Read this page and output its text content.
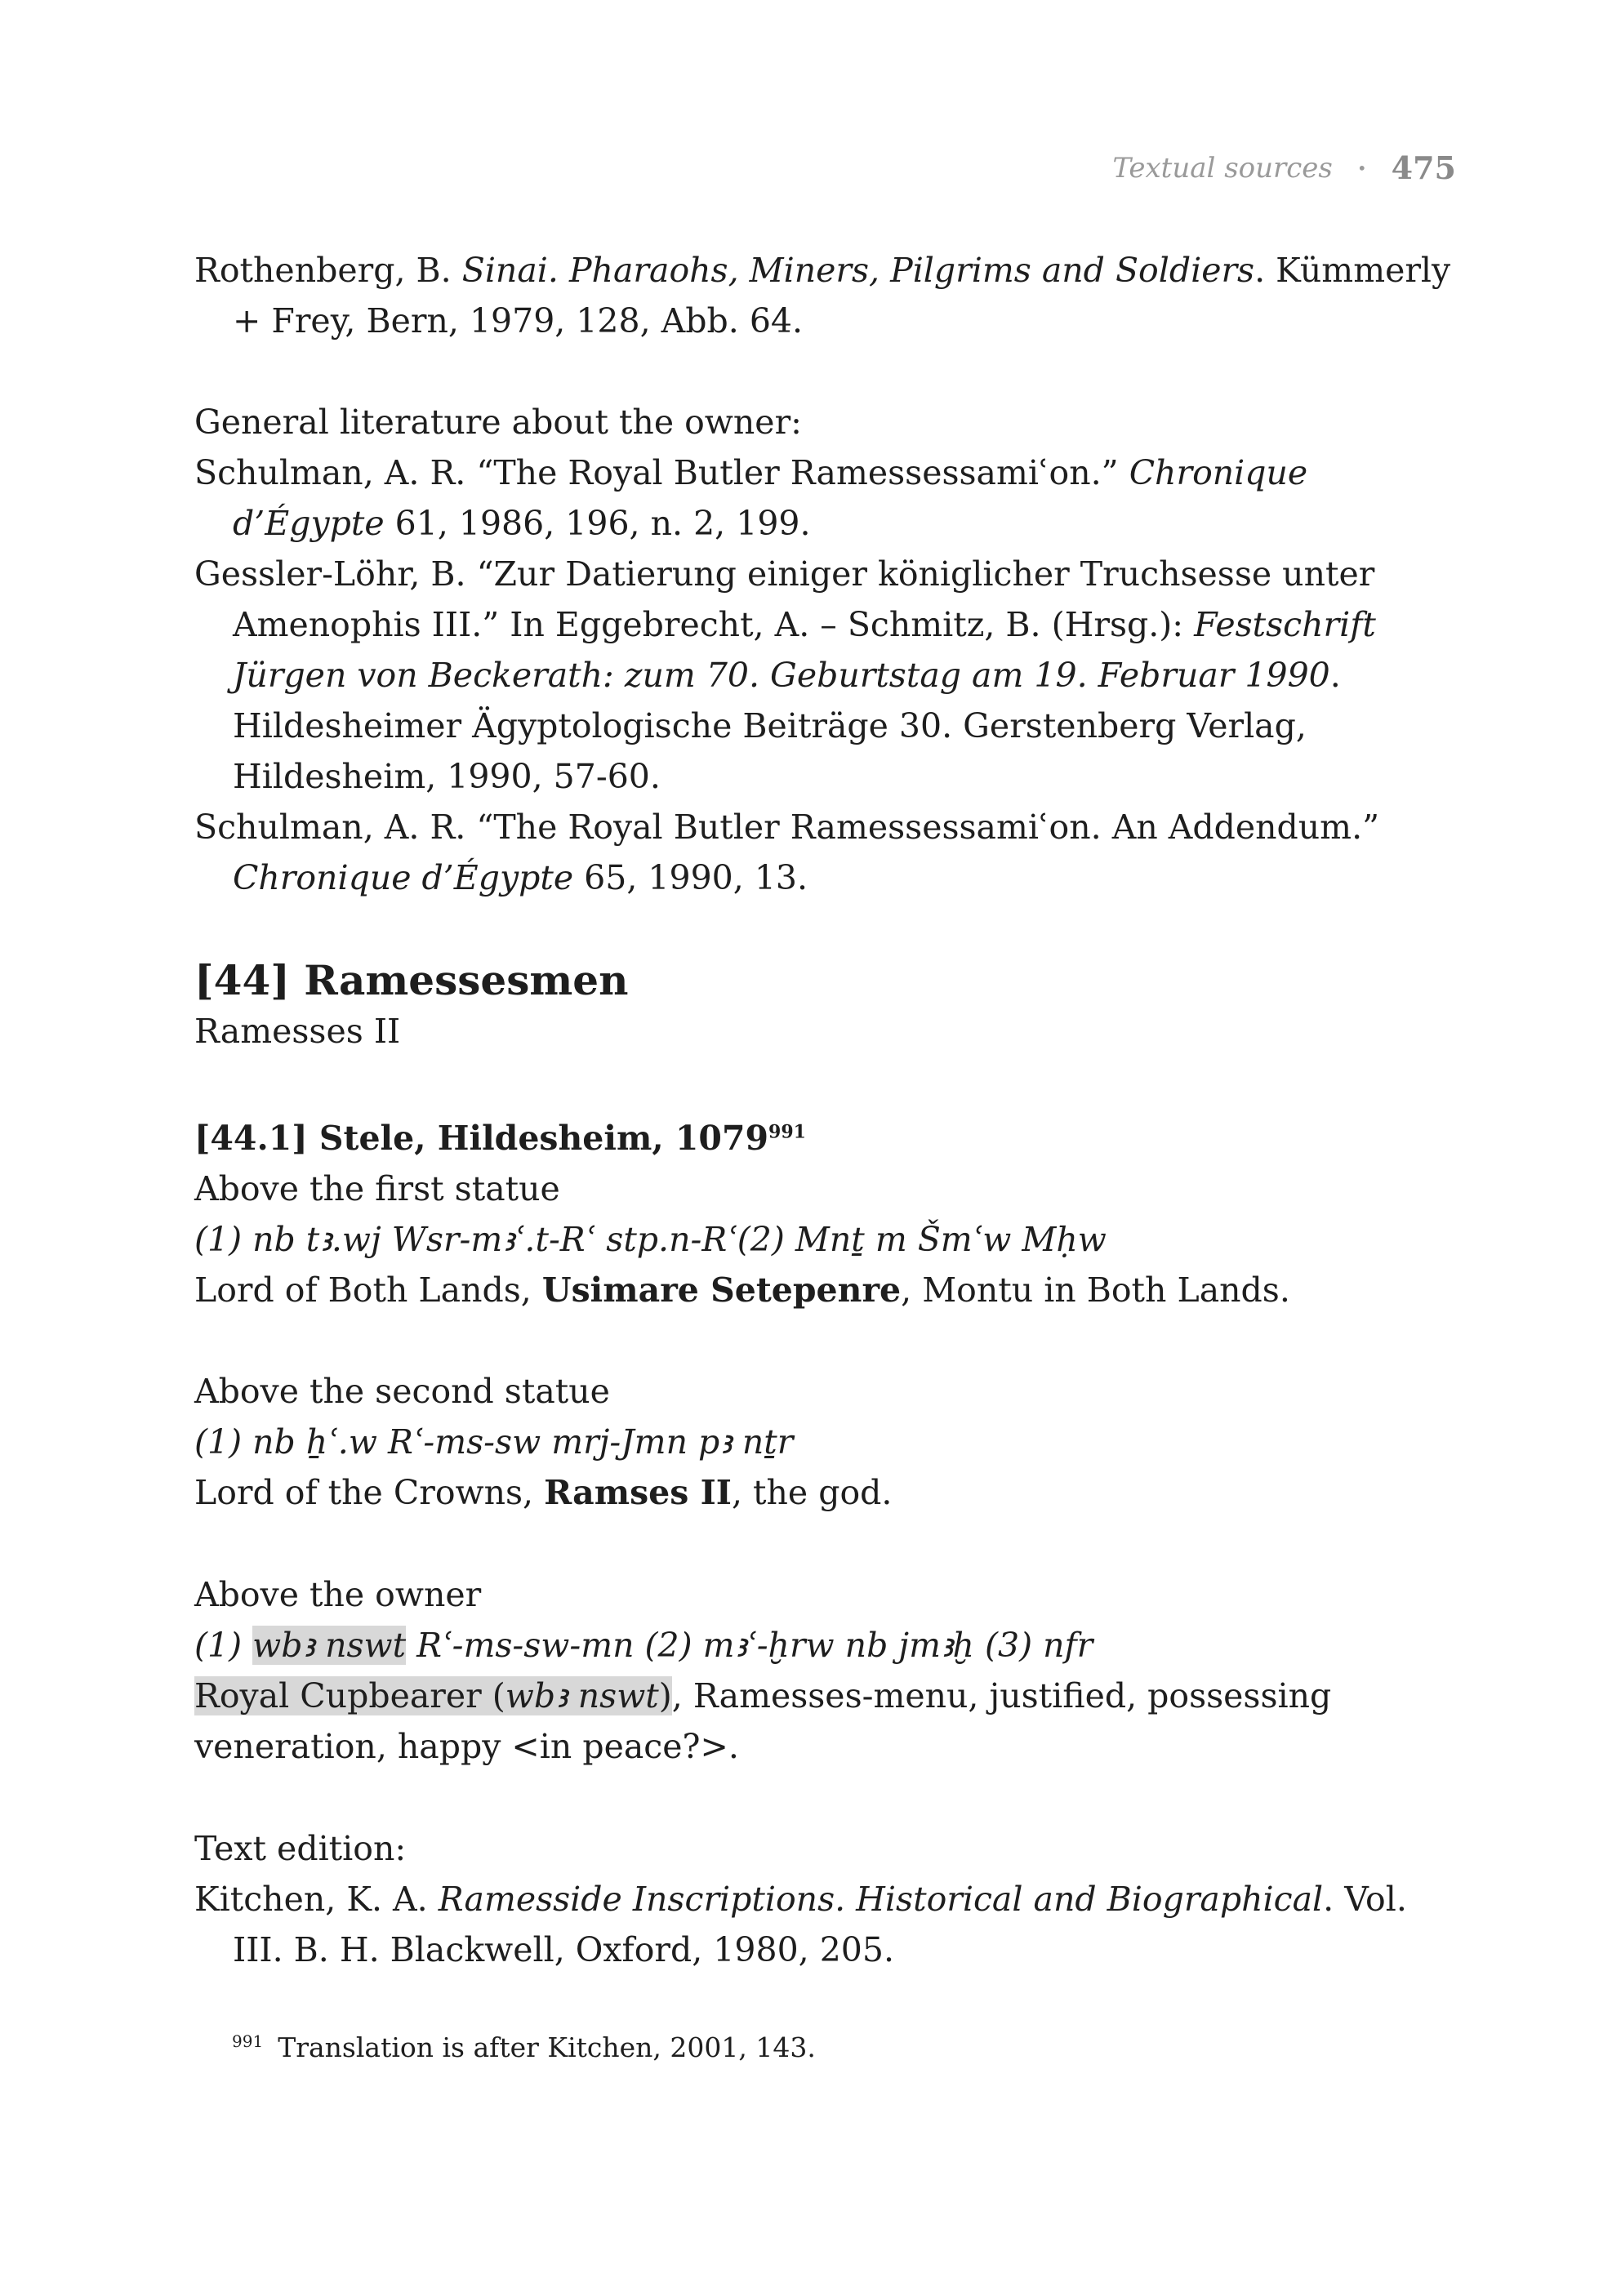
Textual sources • 475

Rothenberg, B. Sinai. Pharaohs, Miners, Pilgrims and Soldiers. Kümmerly + Frey, Bern, 1979, 128, Abb. 64.

General literature about the owner:

Schulman, A. R. “The Royal Butler Ramessessamiʿon.” Chronique d’Égypte 61, 1986, 196, n. 2, 199.

Gessler-Löhr, B. “Zur Datierung einiger königlicher Truchsesse unter Amenophis III.” In Eggebrecht, A. – Schmitz, B. (Hrsg.): Festschrift Jürgen von Beckerath: zum 70. Geburtstag am 19. Februar 1990. Hildesheimer Ägyptologische Beiträge 30. Gerstenberg Verlag, Hildesheim, 1990, 57-60.

Schulman, A. R. “The Royal Butler Ramessessamiʿon. An Addendum.” Chronique d’Égypte 65, 1990, 13.

[44] Ramessesmen

Ramesses II

[44.1] Stele, Hildesheim, 1079$^{991}$

Above the first statue

(1) nb tꜣ.wj Wsr-mꜣʿ.t-Rʿ stp.n-Rʿ(2) Mnṯ m Šmʿw Mḥw

Lord of Both Lands, Usimare Setepenre, Montu in Both Lands.

Above the second statue

(1) nb ẖʿ.w Rʿ-ms-sw mrj-Jmn pꜣ nṯr

Lord of the Crowns, Ramses II, the god.

Above the owner

(1) wbꜣ nswt Rʿ-ms-sw-mn (2) mꜣʿ-ḫrw nb jmꜣḫ (3) nfr

Royal Cupbearer (wbꜣ nswt), Ramesses-menu, justified, possessing veneration, happy <in peace?>.

Text edition:

Kitchen, K. A. Ramesside Inscriptions. Historical and Biographical. Vol. III. B. H. Blackwell, Oxford, 1980, 205.

$^{991}$ Translation is after Kitchen, 2001, 143.
